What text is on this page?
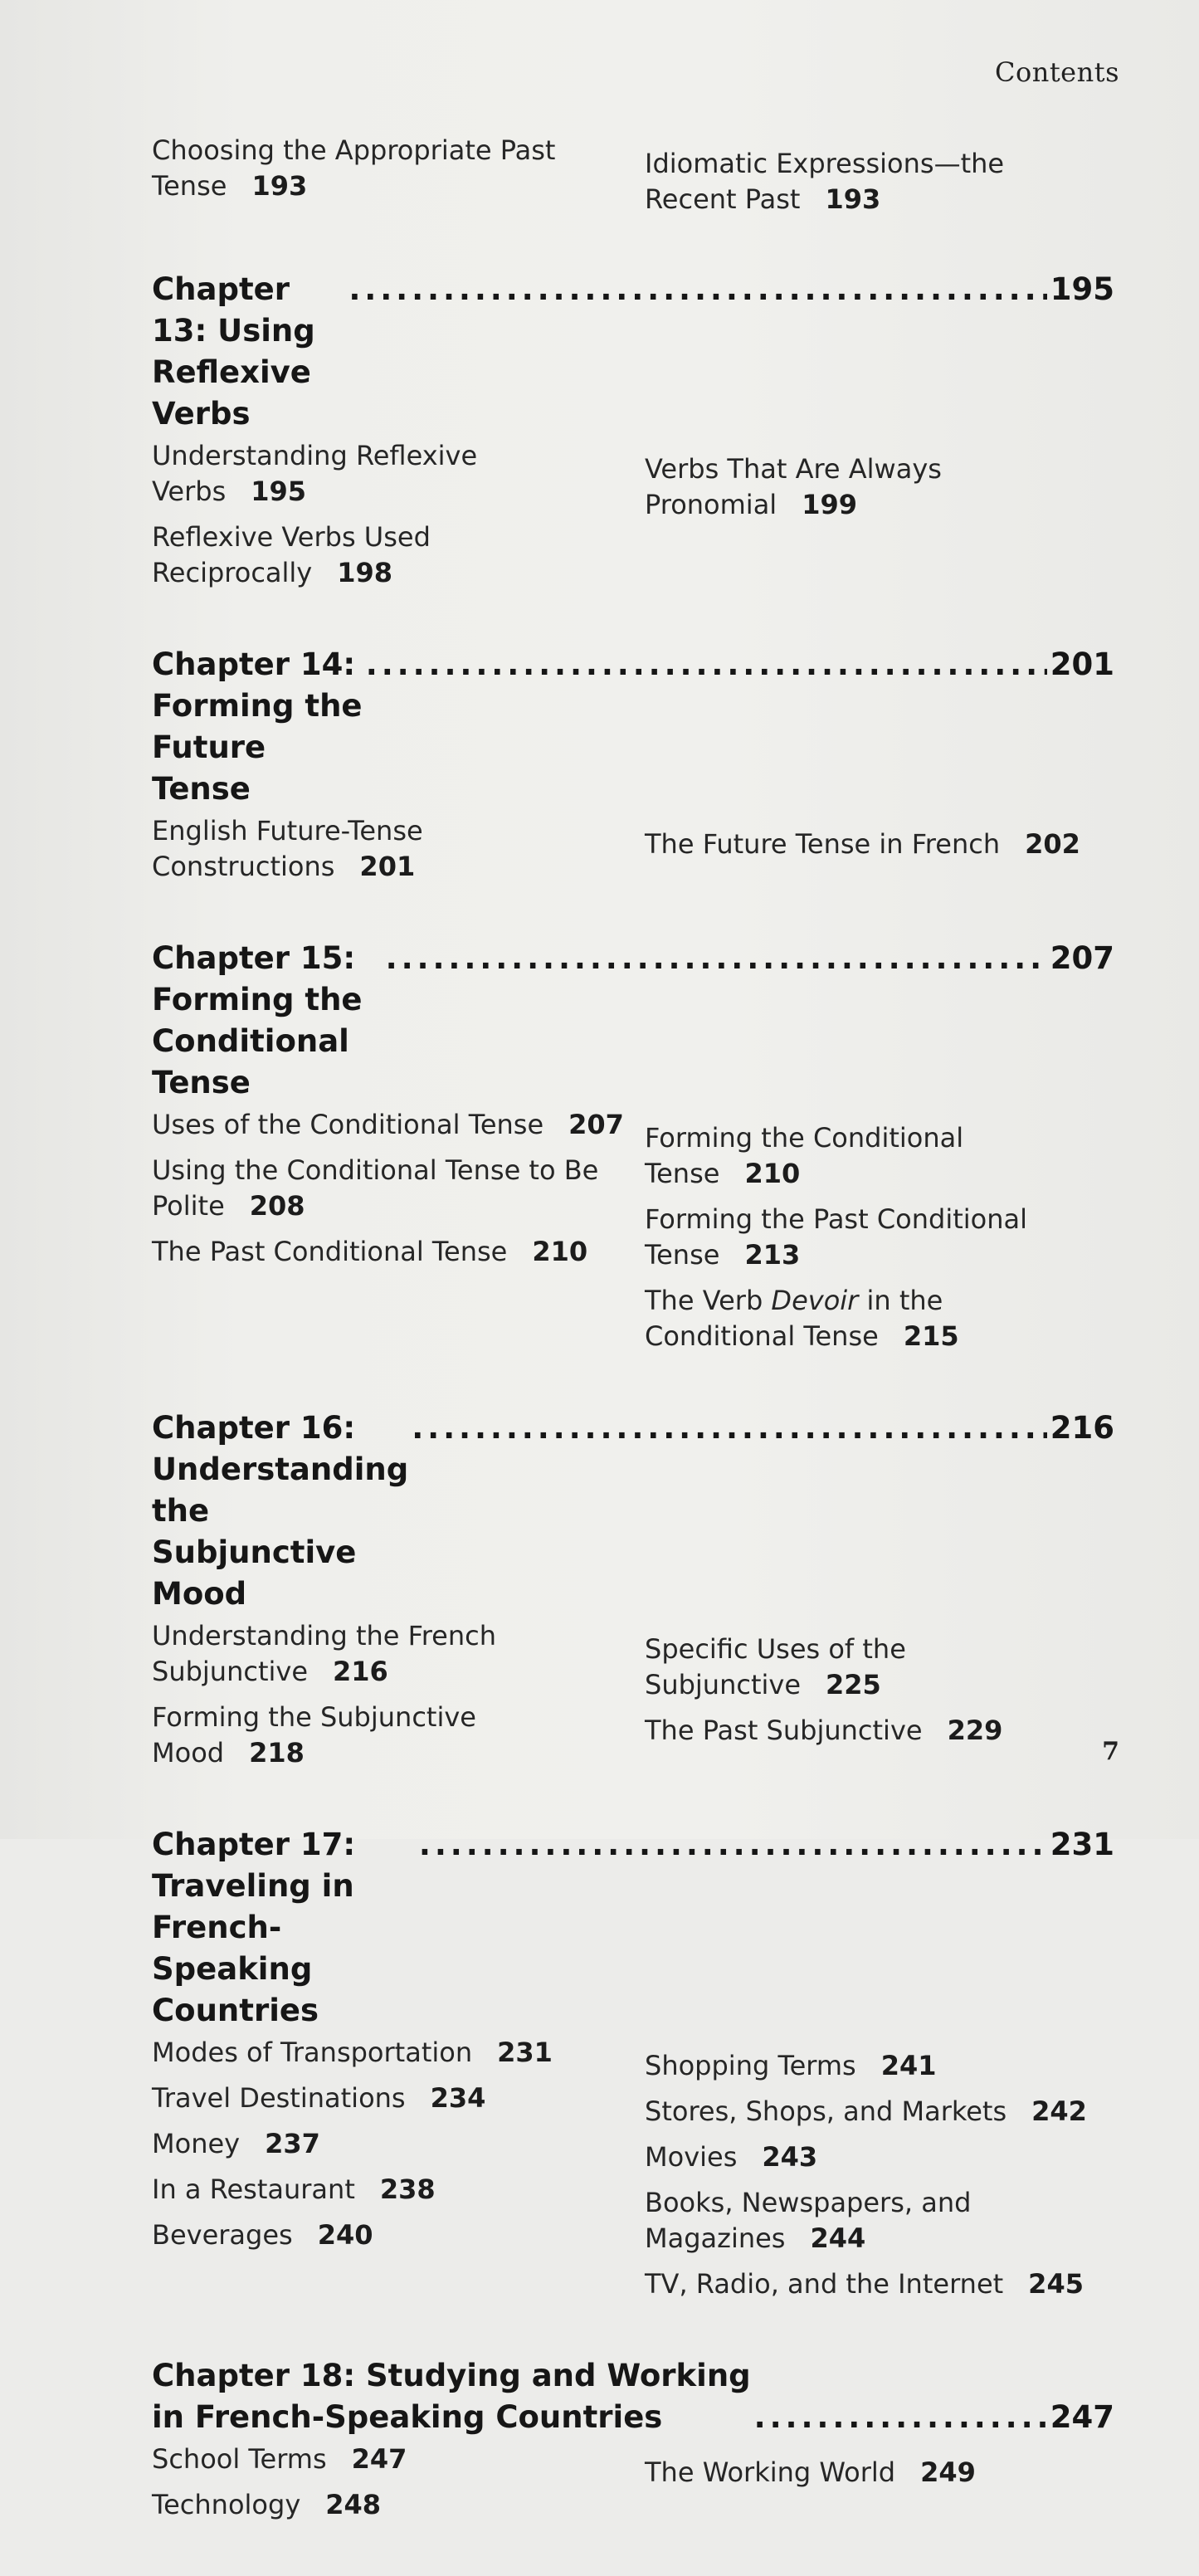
Contents
Choosing the Appropriate Past Tense 193
Idiomatic Expressions—the Recent Past 193
Chapter 13: Using Reflexive Verbs
. . .
195
Understanding Reflexive Verbs 195
Reflexive Verbs Used Reciprocally 198
Verbs That Are Always Pronomial 199
Chapter 14: Forming the Future Tense
. . .
201
English Future-Tense Constructions 201
The Future Tense in French 202
Chapter 15: Forming the Conditional Tense
. . .
207
Uses of the Conditional Tense 207
Using the Conditional Tense to Be Polite 208
The Past Conditional Tense 210
Forming the Conditional Tense 210
Forming the Past Conditional Tense 213
The Verb Devoir in the Conditional Tense 215
Chapter 16: Understanding the Subjunctive Mood
. . .
216
Understanding the French Subjunctive 216
Forming the Subjunctive Mood 218
Specific Uses of the Subjunctive 225
The Past Subjunctive 229
Chapter 17: Traveling in French-Speaking Countries
. . .
231
Modes of Transportation 231
Travel Destinations 234
Money 237
In a Restaurant 238
Beverages 240
Shopping Terms 241
Stores, Shops, and Markets 242
Movies 243
Books, Newspapers, and Magazines 244
TV, Radio, and the Internet 245
Chapter 18: Studying and Working
in French-Speaking Countries
. . .	247
School Terms 247
Technology 248
The Working World 249
7
